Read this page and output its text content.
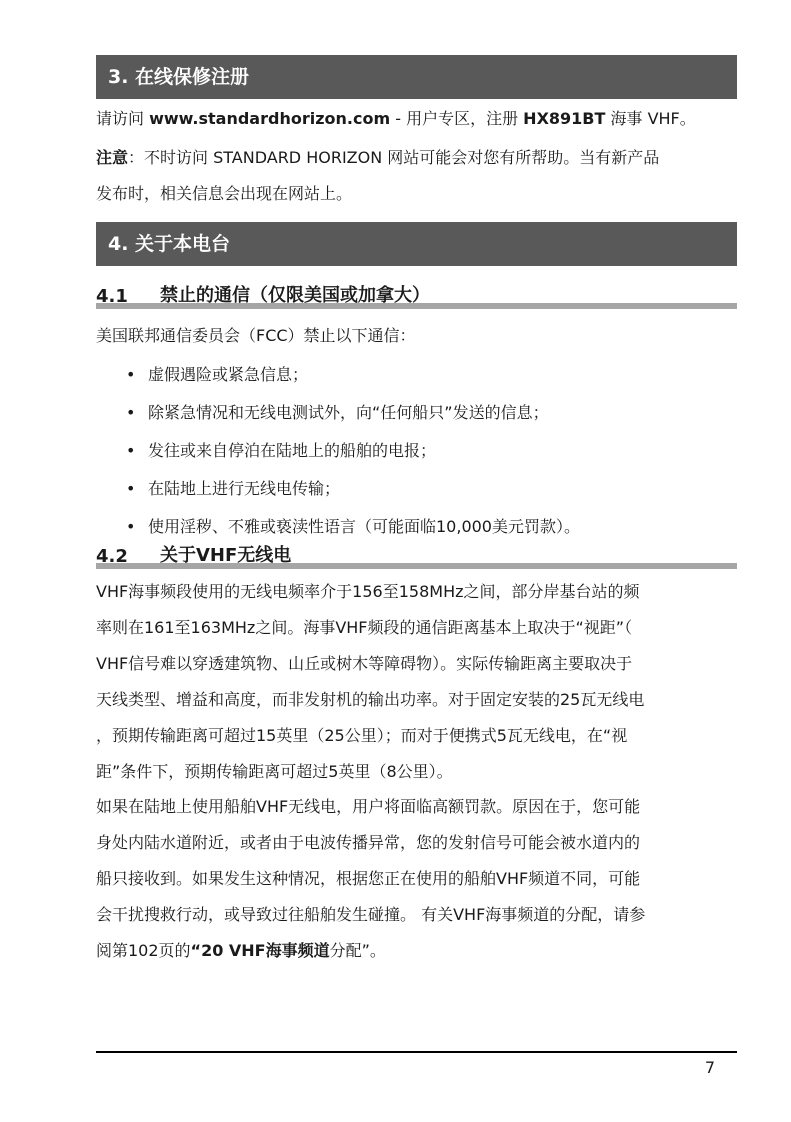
3. 在线保修注册
请访问 www.standardhorizon.com - 用户专区，注册 HX891BT 海事 VHF。
注意：不时访问 STANDARD HORIZON 网站可能会对您有所帮助。当有新产品
发布时，相关信息会出现在网站上。
4. 关于本电台
4.1 禁止的通信（仅限美国或加拿大）
美国联邦通信委员会（FCC）禁止以下通信：
• 虚假遇险或紧急信息；
• 除紧急情况和无线电测试外，向“任何船只”发送的信息；
• 发往或来自停泊在陆地上的船舶的电报；
• 在陆地上进行无线电传输；
• 使用淫秽、不雅或亵渎性语言（可能面临10,000美元罚款）。
4.2 关于VHF无线电
VHF海事频段使用的无线电频率介于156至158MHz之间，部分岸基台站的频
率则在161至163MHz之间。海事VHF频段的通信距离基本上取决于“视距”（
VHF信号难以穿透建筑物、山丘或树木等障碍物）。实际传输距离主要取决于
天线类型、增益和高度，而非发射机的输出功率。对于固定安装的25瓦无线电
，预期传输距离可超过15英里（25公里）；而对于便携式5瓦无线电，在“视
距”条件下，预期传输距离可超过5英里（8公里）。
如果在陆地上使用船舶VHF无线电，用户将面临高额罚款。原因在于，您可能
身处内陆水道附近，或者由于电波传播异常，您的发射信号可能会被水道内的
船只接收到。如果发生这种情况，根据您正在使用的船舶VHF频道不同，可能
会干扰搜救行动，或导致过往船舶发生碰撞。 有关VHF海事频道的分配，请参
阅第102页的“20 VHF海事频道分配”。
7
